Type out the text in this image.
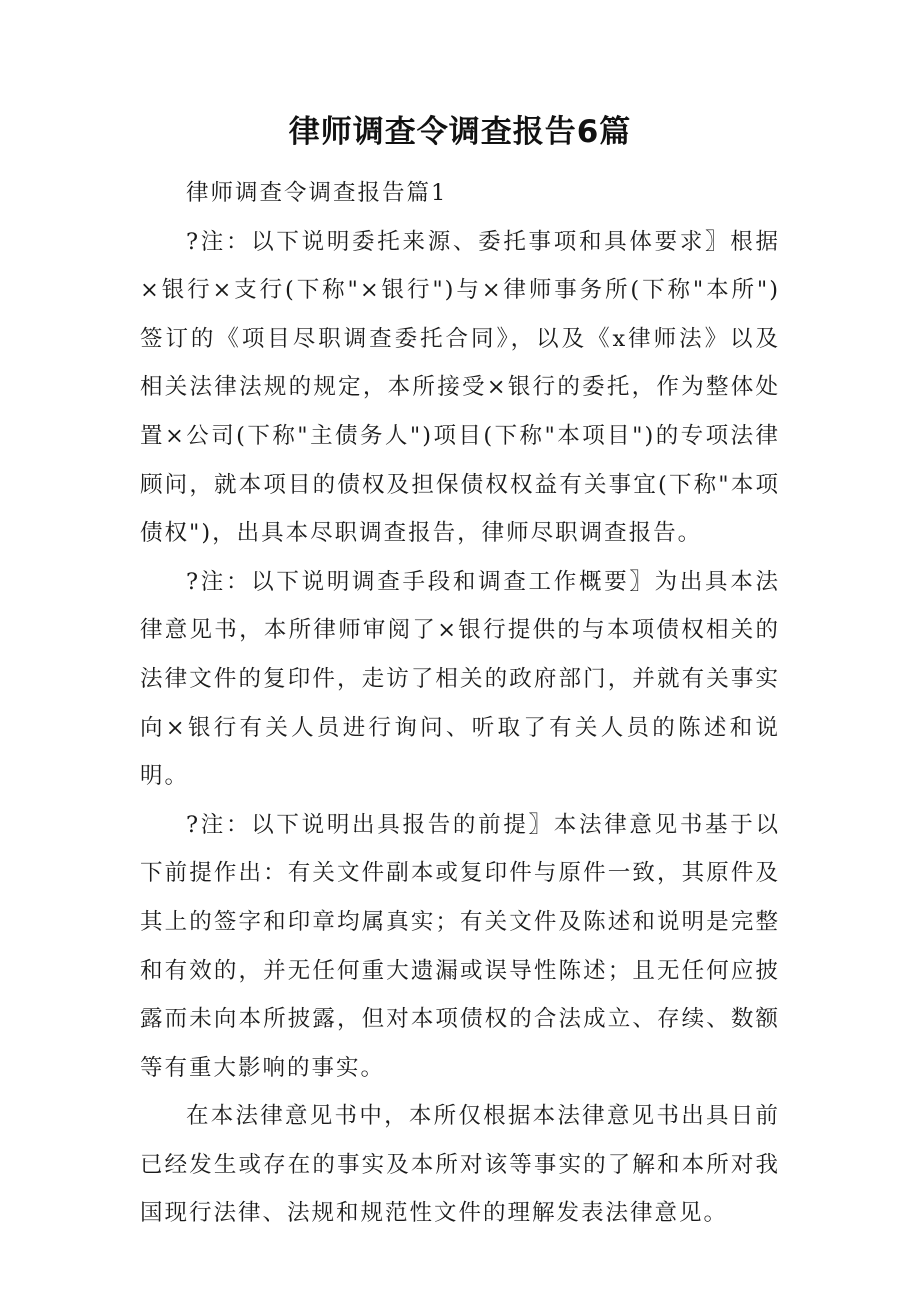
律师调查令调查报告6篇

律师调查令调查报告篇1

?注：以下说明委托来源、委托事项和具体要求〗根据×银行×支行(下称"×银行")与×律师事务所(下称"本所")签订的《项目尽职调查委托合同》，以及《x律师法》以及相关法律法规的规定，本所接受×银行的委托，作为整体处置×公司(下称"主债务人")项目(下称"本项目")的专项法律顾问，就本项目的债权及担保债权权益有关事宜(下称"本项债权")，出具本尽职调查报告，律师尽职调查报告。

?注：以下说明调查手段和调查工作概要〗为出具本法律意见书，本所律师审阅了×银行提供的与本项债权相关的法律文件的复印件，走访了相关的政府部门，并就有关事实向×银行有关人员进行询问、听取了有关人员的陈述和说明。

?注：以下说明出具报告的前提〗本法律意见书基于以下前提作出：有关文件副本或复印件与原件一致，其原件及其上的签字和印章均属真实；有关文件及陈述和说明是完整和有效的，并无任何重大遗漏或误导性陈述；且无任何应披露而未向本所披露，但对本项债权的合法成立、存续、数额等有重大影响的事实。

在本法律意见书中，本所仅根据本法律意见书出具日前已经发生或存在的事实及本所对该等事实的了解和本所对我国现行法律、法规和规范性文件的理解发表法律意见。
